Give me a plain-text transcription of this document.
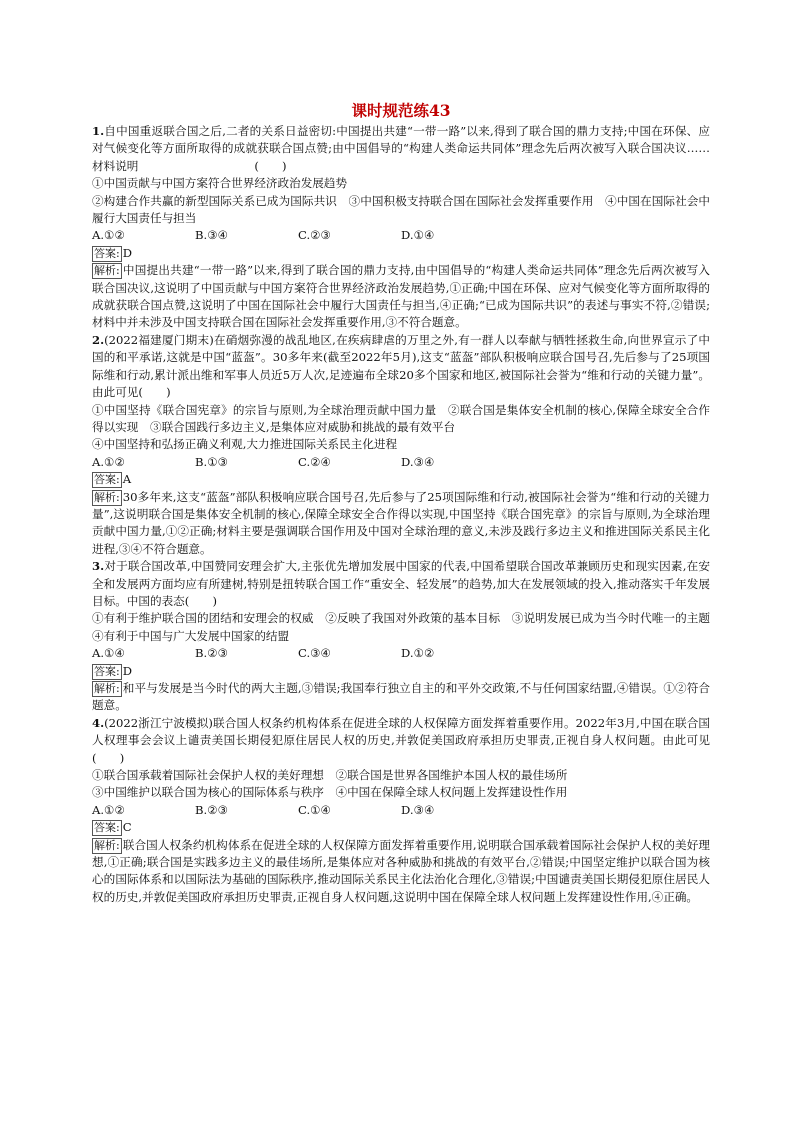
课时规范练43

1.自中国重返联合国之后,二者的关系日益密切:中国提出共建“一带一路”以来,得到了联合国的鼎力支持;中国在环保、应对气候变化等方面所取得的成就获联合国点赞;由中国倡导的“构建人类命运共同体”理念先后两次被写入联合国决议……材料说明　　　　　　　　　　(　　)

①中国贡献与中国方案符合世界经济政治发展趋势

②构建合作共赢的新型国际关系已成为国际共识　③中国积极支持联合国在国际社会发挥重要作用　④中国在国际社会中履行大国责任与担当

A.①②	B.③④	C.②③	D.①④

答案: D

解析: 中国提出共建“一带一路”以来,得到了联合国的鼎力支持,由中国倡导的“构建人类命运共同体”理念先后两次被写入联合国决议,这说明了中国贡献与中国方案符合世界经济政治发展趋势,①正确;中国在环保、应对气候变化等方面所取得的成就获联合国点赞,这说明了中国在国际社会中履行大国责任与担当,④正确;“已成为国际共识”的表述与事实不符,②错误;材料中并未涉及中国支持联合国在国际社会发挥重要作用,③不符合题意。

2.(2022福建厦门期末)在硝烟弥漫的战乱地区,在疾病肆虐的万里之外,有一群人以奉献与牺牲拯救生命,向世界宣示了中国的和平承诺,这就是中国“蓝盔”。30多年来(截至2022年5月),这支“蓝盔”部队积极响应联合国号召,先后参与了25项国际维和行动,累计派出维和军事人员近5万人次,足迹遍布全球20多个国家和地区,被国际社会誉为“维和行动的关键力量”。由此可见(　　)

①中国坚持《联合国宪章》的宗旨与原则,为全球治理贡献中国力量　②联合国是集体安全机制的核心,保障全球安全合作得以实现　③联合国践行多边主义,是集体应对威胁和挑战的最有效平台

④中国坚持和弘扬正确义利观,大力推进国际关系民主化进程

A.①②	B.①③	C.②④	D.③④

答案: A

解析: 30多年来,这支“蓝盔”部队积极响应联合国号召,先后参与了25项国际维和行动,被国际社会誉为“维和行动的关键力量”,这说明联合国是集体安全机制的核心,保障全球安全合作得以实现,中国坚持《联合国宪章》的宗旨与原则,为全球治理贡献中国力量,①②正确;材料主要是强调联合国作用及中国对全球治理的意义,未涉及践行多边主义和推进国际关系民主化进程,③④不符合题意。

3.对于联合国改革,中国赞同安理会扩大,主张优先增加发展中国家的代表,中国希望联合国改革兼顾历史和现实因素,在安全和发展两方面均应有所建树,特别是扭转联合国工作“重安全、轻发展”的趋势,加大在发展领域的投入,推动落实千年发展目标。中国的表态(　　)

①有利于维护联合国的团结和安理会的权威　②反映了我国对外政策的基本目标　③说明发展已成为当今时代唯一的主题　④有利于中国与广大发展中国家的结盟

A.①④	B.②③	C.③④	D.①②

答案: D

解析: 和平与发展是当今时代的两大主题,③错误;我国奉行独立自主的和平外交政策,不与任何国家结盟,④错误。①②符合题意。

4.(2022浙江宁波模拟)联合国人权条约机构体系在促进全球的人权保障方面发挥着重要作用。2022年3月,中国在联合国人权理事会会议上谴责美国长期侵犯原住居民人权的历史,并敦促美国政府承担历史罪责,正视自身人权问题。由此可见(　　)

①联合国承载着国际社会保护人权的美好理想　②联合国是世界各国维护本国人权的最佳场所

③中国维护以联合国为核心的国际体系与秩序　④中国在保障全球人权问题上发挥建设性作用

A.①②	B.②③	C.①④	D.③④

答案: C

解析: 联合国人权条约机构体系在促进全球的人权保障方面发挥着重要作用,说明联合国承载着国际社会保护人权的美好理想,①正确;联合国是实践多边主义的最佳场所,是集体应对各种威胁和挑战的有效平台,②错误;中国坚定维护以联合国为核心的国际体系和以国际法为基础的国际秩序,推动国际关系民主化法治化合理化,③错误;中国谴责美国长期侵犯原住居民人权的历史,并敦促美国政府承担历史罪责,正视自身人权问题,这说明中国在保障全球人权问题上发挥建设性作用,④正确。
